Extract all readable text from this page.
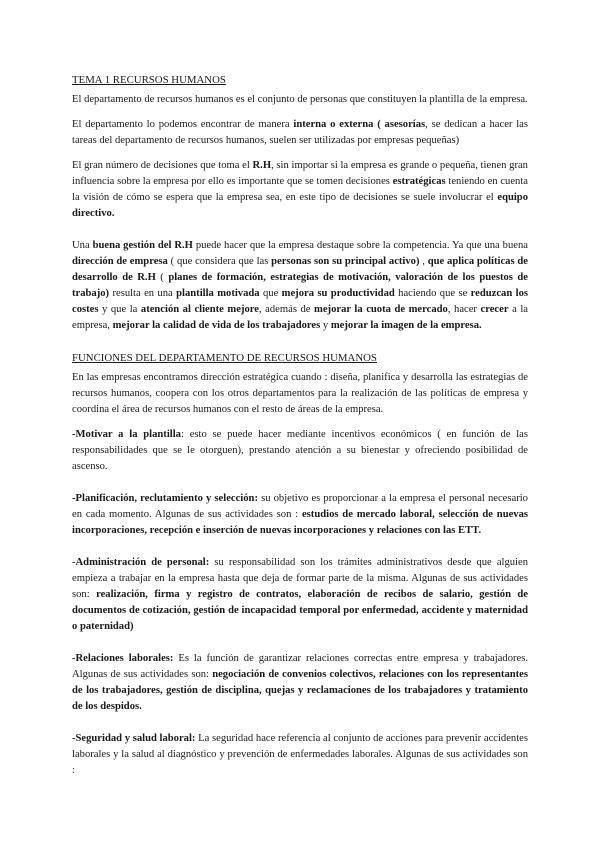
TEMA 1 RECURSOS HUMANOS
El departamento de recursos humanos es el conjunto de personas que constituyen la plantilla de la empresa.
El departamento lo podemos encontrar de manera interna o externa ( asesorías, se dedican a hacer las tareas del departamento de recursos humanos, suelen ser utilizadas por empresas pequeñas)
El gran número de decisiones que toma el R.H, sin importar si la empresa es grande o pequeña, tienen gran influencia sobre la empresa por ello es importante que se tomen decisiones estratégicas teniendo en cuenta la visión de cómo se espera que la empresa sea, en este tipo de decisiones se suele involucrar el equipo directivo.
Una buena gestión del R.H puede hacer que la empresa destaque sobre la competencia. Ya que una buena dirección de empresa ( que considera que las personas son su principal activo) , que aplica políticas de desarrollo de R.H ( planes de formación, estrategias de motivación, valoración de los puestos de trabajo) resulta en una plantilla motivada que mejora su productividad haciendo que se reduzcan los costes y que la atención al cliente mejore, además de mejorar la cuota de mercado, hacer crecer a la empresa, mejorar la calidad de vida de los trabajadores y mejorar la imagen de la empresa.
FUNCIONES DEL DEPARTAMENTO DE RECURSOS HUMANOS
En las empresas encontramos dirección estratégica cuando : diseña, planifica y desarrolla las estrategias de recursos humanos, coopera con los otros departamentos para la realización de las políticas de empresa y coordina el área de recursos humanos con el resto de áreas de la empresa.
-Motivar a la plantilla: esto se puede hacer mediante incentivos económicos ( en función de las responsabilidades que se le otorguen), prestando atención a su bienestar y ofreciendo posibilidad de ascenso.
-Planificación, reclutamiento y selección: su objetivo es proporcionar a la empresa el personal necesario en cada momento. Algunas de sus actividades son : estudios de mercado laboral, selección de nuevas incorporaciones, recepción e inserción de nuevas incorporaciones y relaciones con las ETT.
-Administración de personal: su responsabilidad son los trámites administrativos desde que alguien empieza a trabajar en la empresa hasta que deja de formar parte de la misma. Algunas de sus actividades son: realización, firma y registro de contratos, elaboración de recibos de salario, gestión de documentos de cotización, gestión de incapacidad temporal por enfermedad, accidente y maternidad o paternidad)
-Relaciones laborales: Es la función de garantizar relaciones correctas entre empresa y trabajadores. Algunas de sus actividades son: negociación de convenios colectivos, relaciones con los representantes de los trabajadores, gestión de disciplina, quejas y reclamaciones de los trabajadores y tratamiento de los despidos.
-Seguridad y salud laboral: La seguridad hace referencia al conjunto de acciones para prevenir accidentes laborales y la salud al diagnóstico y prevención de enfermedades laborales. Algunas de sus actividades son :
